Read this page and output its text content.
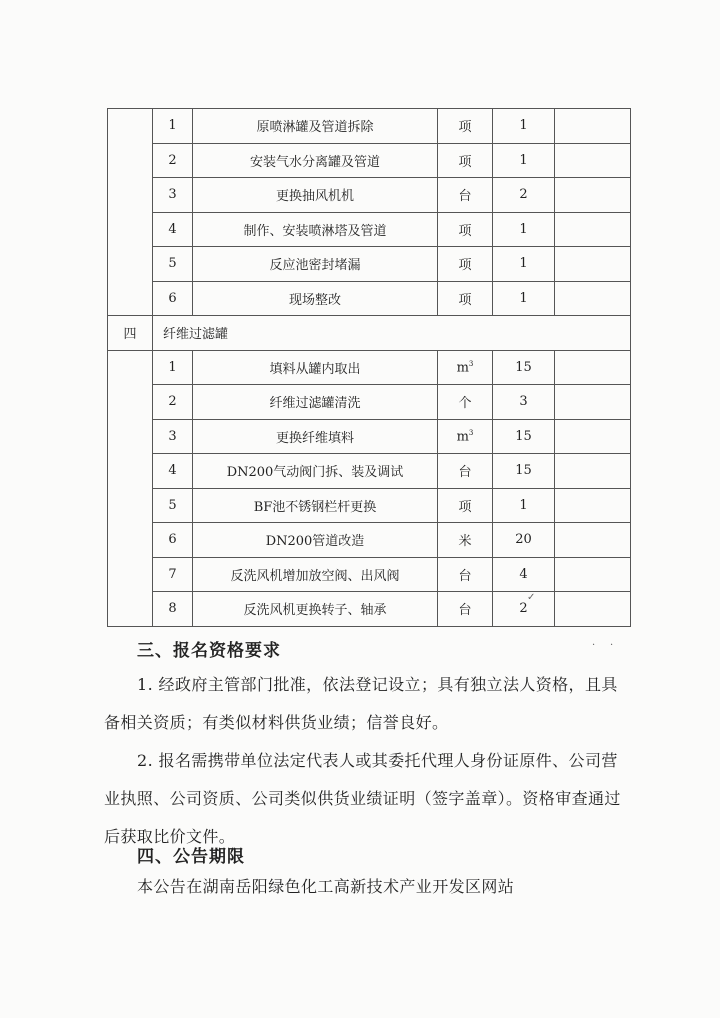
	1	原喷淋罐及管道拆除	项	1	
	2	安装气水分离罐及管道	项	1	
	3	更换抽风机机	台	2	
	4	制作、安装喷淋塔及管道	项	1	
	5	反应池密封堵漏	项	1	
	6	现场整改	项	1	
四	纤维过滤罐				
	1	填料从罐内取出	$m^3$	15	
	2	纤维过滤罐清洗	个	3	
	3	更换纤维填料	$m^3$	15	
	4	DN200气动阀门拆、装及调试	台	15	
	5	BF池不锈钢栏杆更换	项	1	
	6	DN200管道改造	米	20	
	7	反洗风机增加放空阀、出风阀	台	4	
	8	反洗风机更换转子、轴承	台	2	
✓
· ·
三、报名资格要求

1. 经政府主管部门批准，依法登记设立；具有独立法人资格，且具备相关资质；有类似材料供货业绩；信誉良好。

2. 报名需携带单位法定代表人或其委托代理人身份证原件、公司营业执照、公司资质、公司类似供货业绩证明（签字盖章）。资格审查通过后获取比价文件。

四、公告期限

本公告在湖南岳阳绿色化工高新技术产业开发区网站
